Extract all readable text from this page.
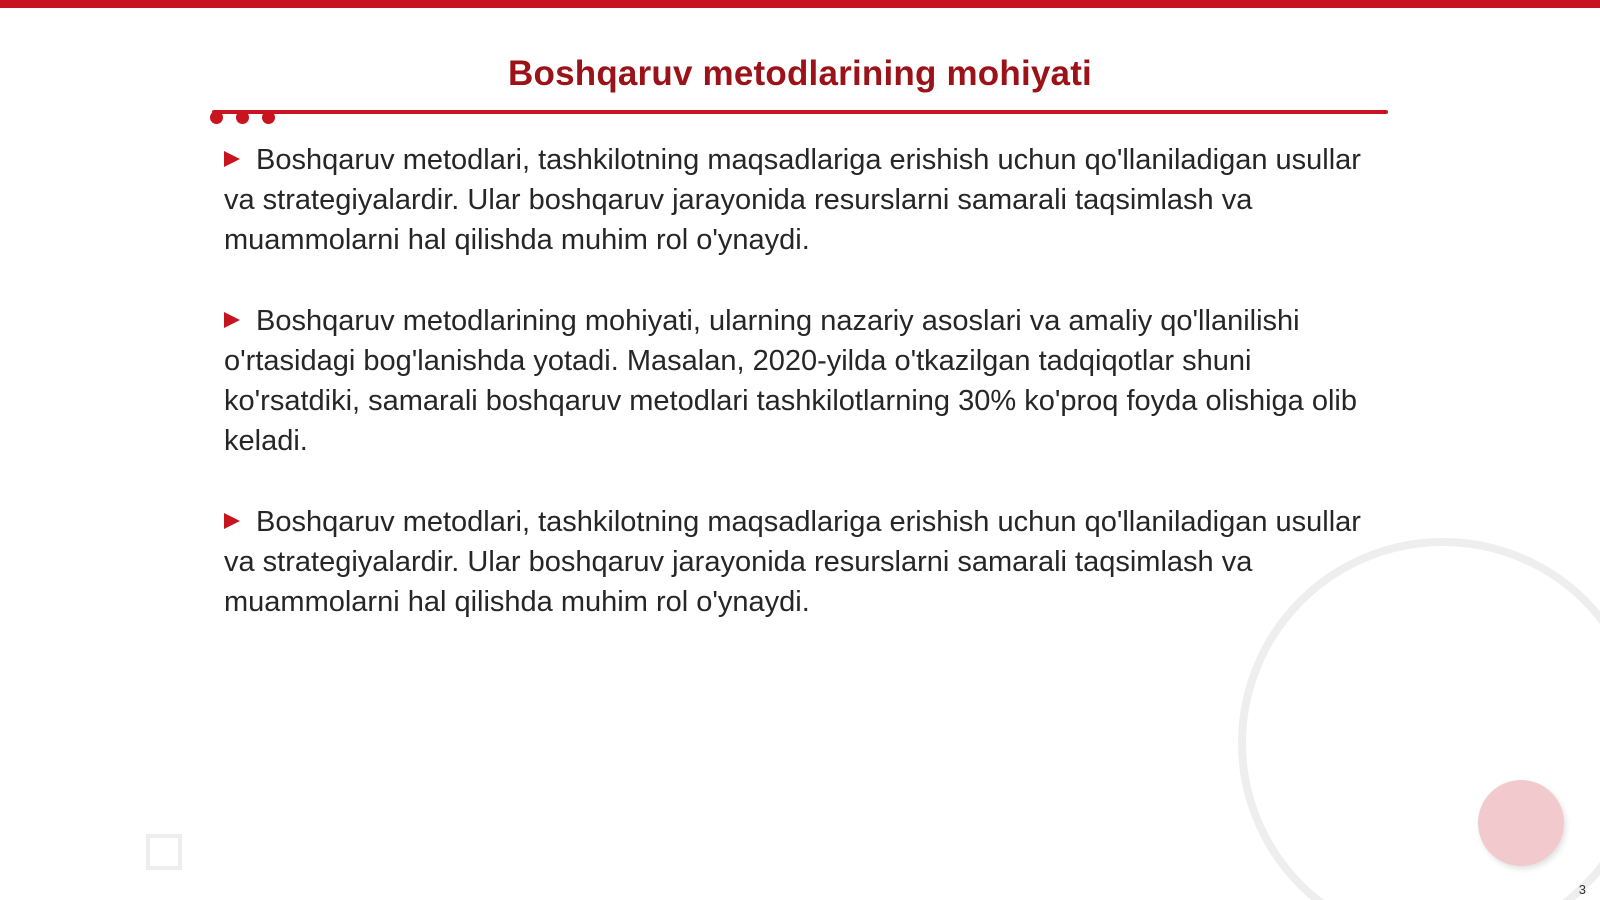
Boshqaruv metodlarining mohiyati

Boshqaruv metodlari, tashkilotning maqsadlariga erishish uchun qo'llaniladigan usullar va strategiyalardir. Ular boshqaruv jarayonida resurslarni samarali taqsimlash va muammolarni hal qilishda muhim rol o'ynaydi.

Boshqaruv metodlarining mohiyati, ularning nazariy asoslari va amaliy qo'llanilishi o'rtasidagi bog'lanishda yotadi. Masalan, 2020-yilda o'tkazilgan tadqiqotlar shuni ko'rsatdiki, samarali boshqaruv metodlari tashkilotlarning 30% ko'proq foyda olishiga olib keladi.

Boshqaruv metodlari, tashkilotning maqsadlariga erishish uchun qo'llaniladigan usullar va strategiyalardir. Ular boshqaruv jarayonida resurslarni samarali taqsimlash va muammolarni hal qilishda muhim rol o'ynaydi.

3
